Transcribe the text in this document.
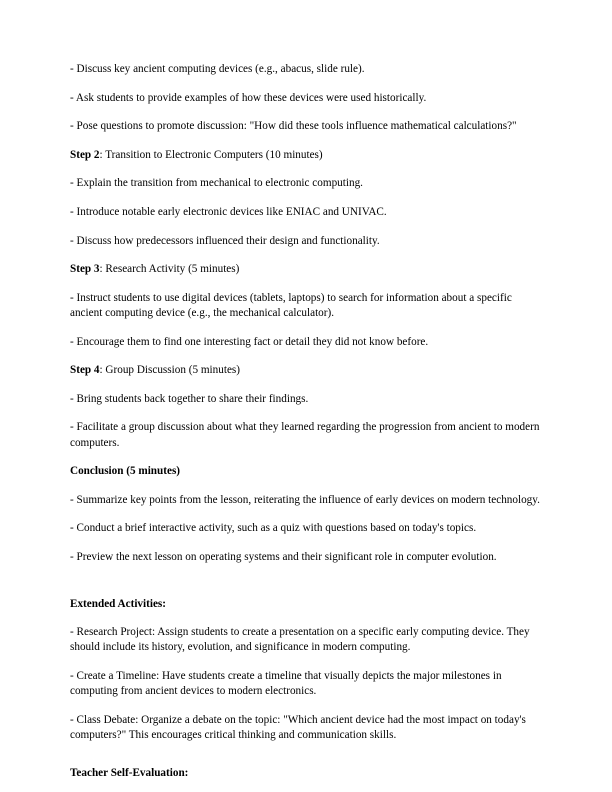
- Discuss key ancient computing devices (e.g., abacus, slide rule).

- Ask students to provide examples of how these devices were used historically.

- Pose questions to promote discussion: "How did these tools influence mathematical calculations?"

Step 2: Transition to Electronic Computers (10 minutes)

- Explain the transition from mechanical to electronic computing.

- Introduce notable early electronic devices like ENIAC and UNIVAC.

- Discuss how predecessors influenced their design and functionality.

Step 3: Research Activity (5 minutes)

- Instruct students to use digital devices (tablets, laptops) to search for information about a specific ancient computing device (e.g., the mechanical calculator).

- Encourage them to find one interesting fact or detail they did not know before.

Step 4: Group Discussion (5 minutes)

- Bring students back together to share their findings.

- Facilitate a group discussion about what they learned regarding the progression from ancient to modern computers.

Conclusion (5 minutes)

- Summarize key points from the lesson, reiterating the influence of early devices on modern technology.

- Conduct a brief interactive activity, such as a quiz with questions based on today's topics.

- Preview the next lesson on operating systems and their significant role in computer evolution.

Extended Activities:

- Research Project: Assign students to create a presentation on a specific early computing device. They should include its history, evolution, and significance in modern computing.

- Create a Timeline: Have students create a timeline that visually depicts the major milestones in computing from ancient devices to modern electronics.

- Class Debate: Organize a debate on the topic: "Which ancient device had the most impact on today's computers?" This encourages critical thinking and communication skills.

Teacher Self-Evaluation:
